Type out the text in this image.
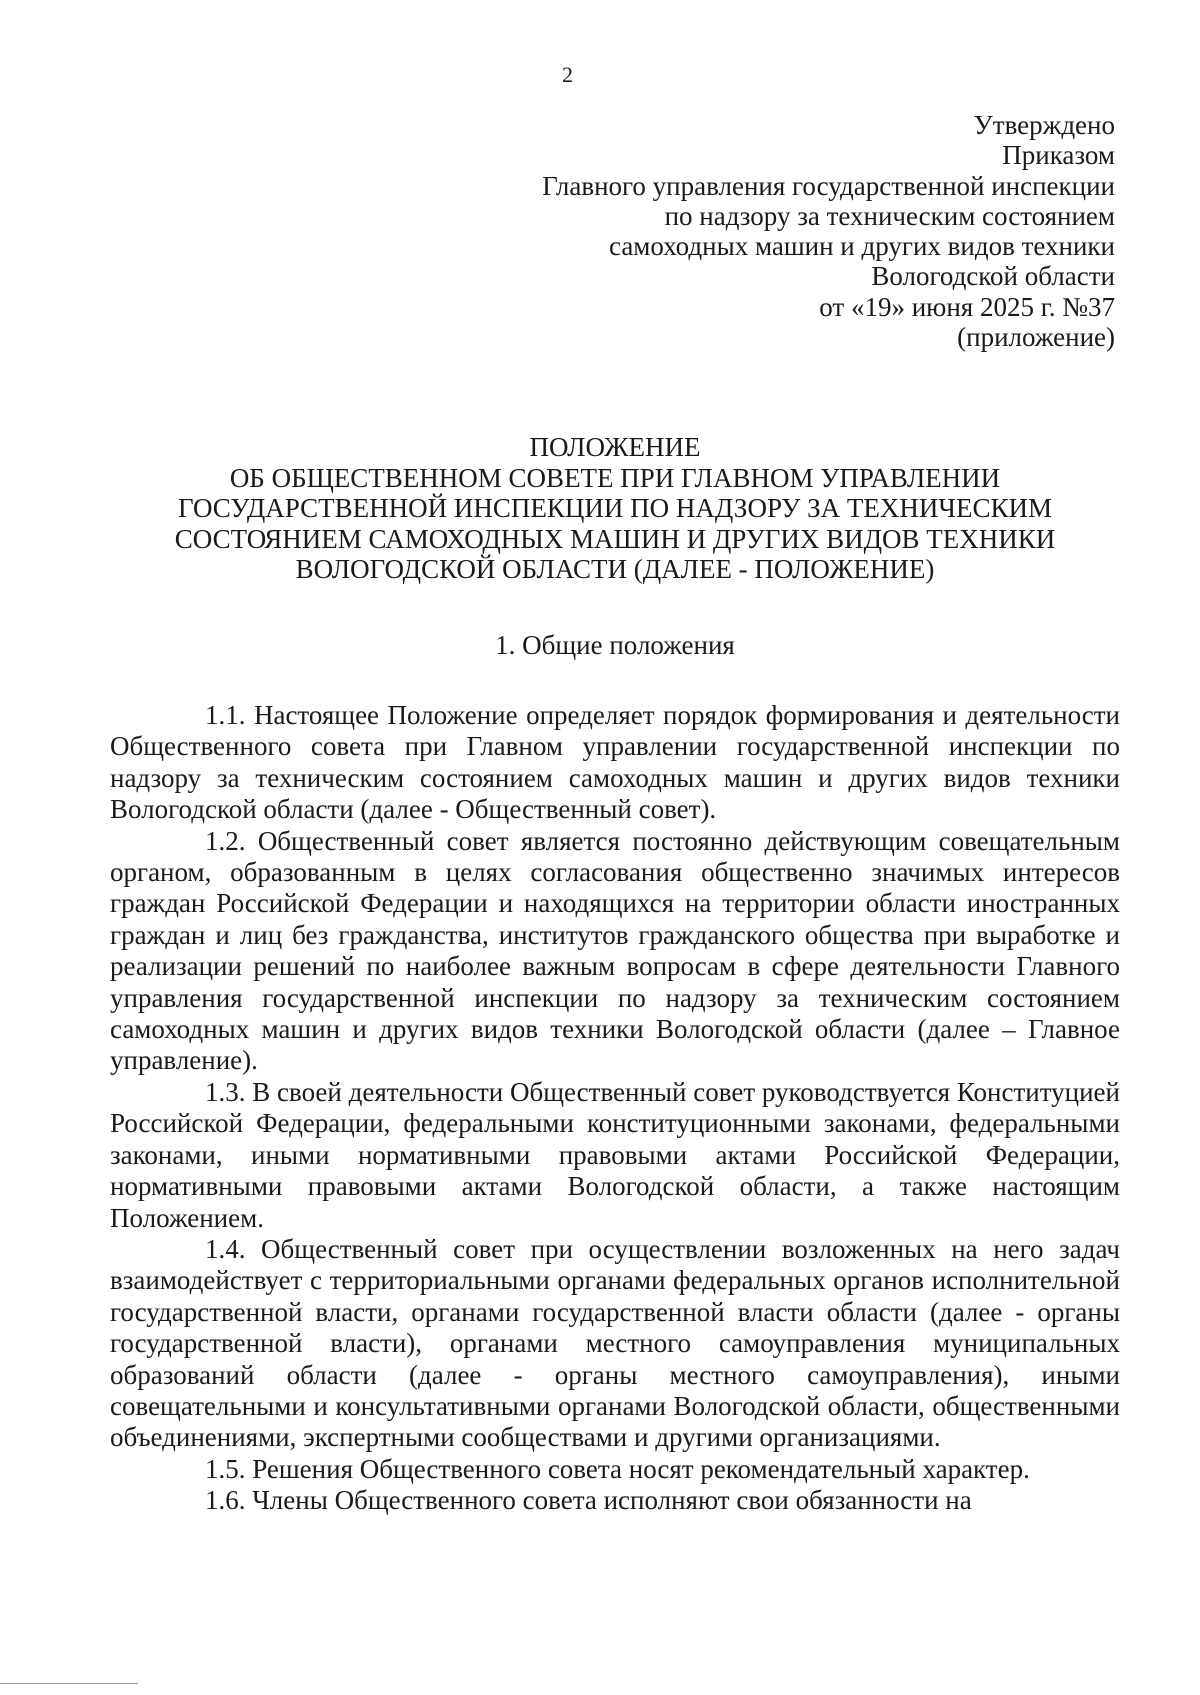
2
Утверждено
Приказом
Главного управления государственной инспекции
по надзору за техническим состоянием
самоходных машин и других видов техники
Вологодской области
от «19» июня 2025 г. №37
(приложение)
ПОЛОЖЕНИЕ
ОБ ОБЩЕСТВЕННОМ СОВЕТЕ ПРИ ГЛАВНОМ УПРАВЛЕНИИ
ГОСУДАРСТВЕННОЙ ИНСПЕКЦИИ ПО НАДЗОРУ ЗА ТЕХНИЧЕСКИМ
СОСТОЯНИЕМ САМОХОДНЫХ МАШИН И ДРУГИХ ВИДОВ ТЕХНИКИ
ВОЛОГОДСКОЙ ОБЛАСТИ (ДАЛЕЕ - ПОЛОЖЕНИЕ)
1. Общие положения

1.1. Настоящее Положение определяет порядок формирования и деятельности Общественного совета при Главном управлении государственной инспекции по надзору за техническим состоянием самоходных машин и других видов техники Вологодской области (далее - Общественный совет).

1.2. Общественный совет является постоянно действующим совещательным органом, образованным в целях согласования общественно значимых интересов граждан Российской Федерации и находящихся на территории области иностранных граждан и лиц без гражданства, институтов гражданского общества при выработке и реализации решений по наиболее важным вопросам в сфере деятельности Главного управления государственной инспекции по надзору за техническим состоянием самоходных машин и других видов техники Вологодской области (далее – Главное управление).

1.3. В своей деятельности Общественный совет руководствуется Конституцией Российской Федерации, федеральными конституционными законами, федеральными законами, иными нормативными правовыми актами Российской Федерации, нормативными правовыми актами Вологодской области, а также настоящим Положением.

1.4. Общественный совет при осуществлении возложенных на него задач взаимодействует с территориальными органами федеральных органов исполнительной государственной власти, органами государственной власти области (далее - органы государственной власти), органами местного самоуправления муниципальных образований области (далее - органы местного самоуправления), иными совещательными и консультативными органами Вологодской области, общественными объединениями, экспертными сообществами и другими организациями.

1.5. Решения Общественного совета носят рекомендательный характер.

1.6. Члены Общественного совета исполняют свои обязанности на
